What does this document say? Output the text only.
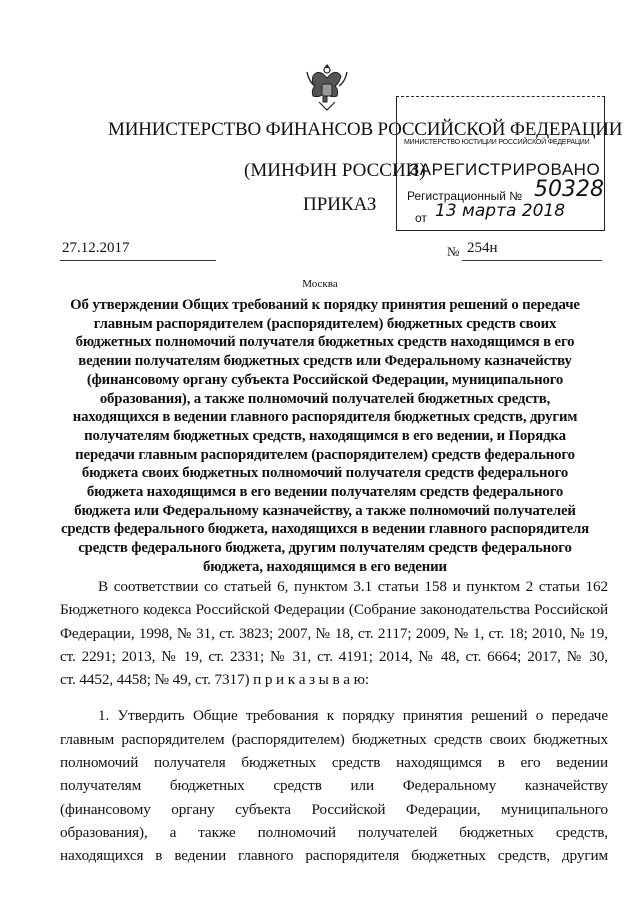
МИНИСТЕРСТВО ФИНАНСОВ РОССИЙСКОЙ ФЕДЕРАЦИИ
(МИНФИН РОССИИ)
ПРИКАЗ
МИНИСТЕРСТВО ЮСТИЦИИ РОССИЙСКОЙ ФЕДЕРАЦИИ
ЗАРЕГИСТРИРОВАНО
Регистрационный № 50328
от 13 марта 2018
27.12.2017	№ 254н
Москва
Об утверждении Общих требований к порядку принятия решений о передаче
главным распорядителем (распорядителем) бюджетных средств своих
бюджетных полномочий получателя бюджетных средств находящимся в его
ведении получателям бюджетных средств или Федеральному казначейству
(финансовому органу субъекта Российской Федерации, муниципального
образования), а также полномочий получателей бюджетных средств,
находящихся в ведении главного распорядителя бюджетных средств, другим
получателям бюджетных средств, находящимся в его ведении, и Порядка
передачи главным распорядителем (распорядителем) средств федерального
бюджета своих бюджетных полномочий получателя средств федерального
бюджета находящимся в его ведении получателям средств федерального
бюджета или Федеральному казначейству, а также полномочий получателей
средств федерального бюджета, находящихся в ведении главного распорядителя
средств федерального бюджета, другим получателям средств федерального
бюджета, находящимся в его ведении
В соответствии со статьей 6, пунктом 3.1 статьи 158 и пунктом 2 статьи 162
Бюджетного кодекса Российской Федерации (Собрание законодательства Российской
Федерации, 1998, № 31, ст. 3823; 2007, № 18, ст. 2117; 2009, № 1, ст. 18; 2010, № 19,
ст. 2291; 2013, № 19, ст. 2331; № 31, ст. 4191; 2014, № 48, ст. 6664; 2017, № 30,
ст. 4452, 4458; № 49, ст. 7317) п р и к а з ы в а ю:
1. Утвердить Общие требования к порядку принятия решений о передаче
главным распорядителем (распорядителем) бюджетных средств своих бюджетных
полномочий получателя бюджетных средств находящимся в его ведении
получателям бюджетных средств или Федеральному казначейству
(финансовому органу субъекта Российской Федерации, муниципального
образования), а также полномочий получателей бюджетных средств,
находящихся в ведении главного распорядителя бюджетных средств, другим
